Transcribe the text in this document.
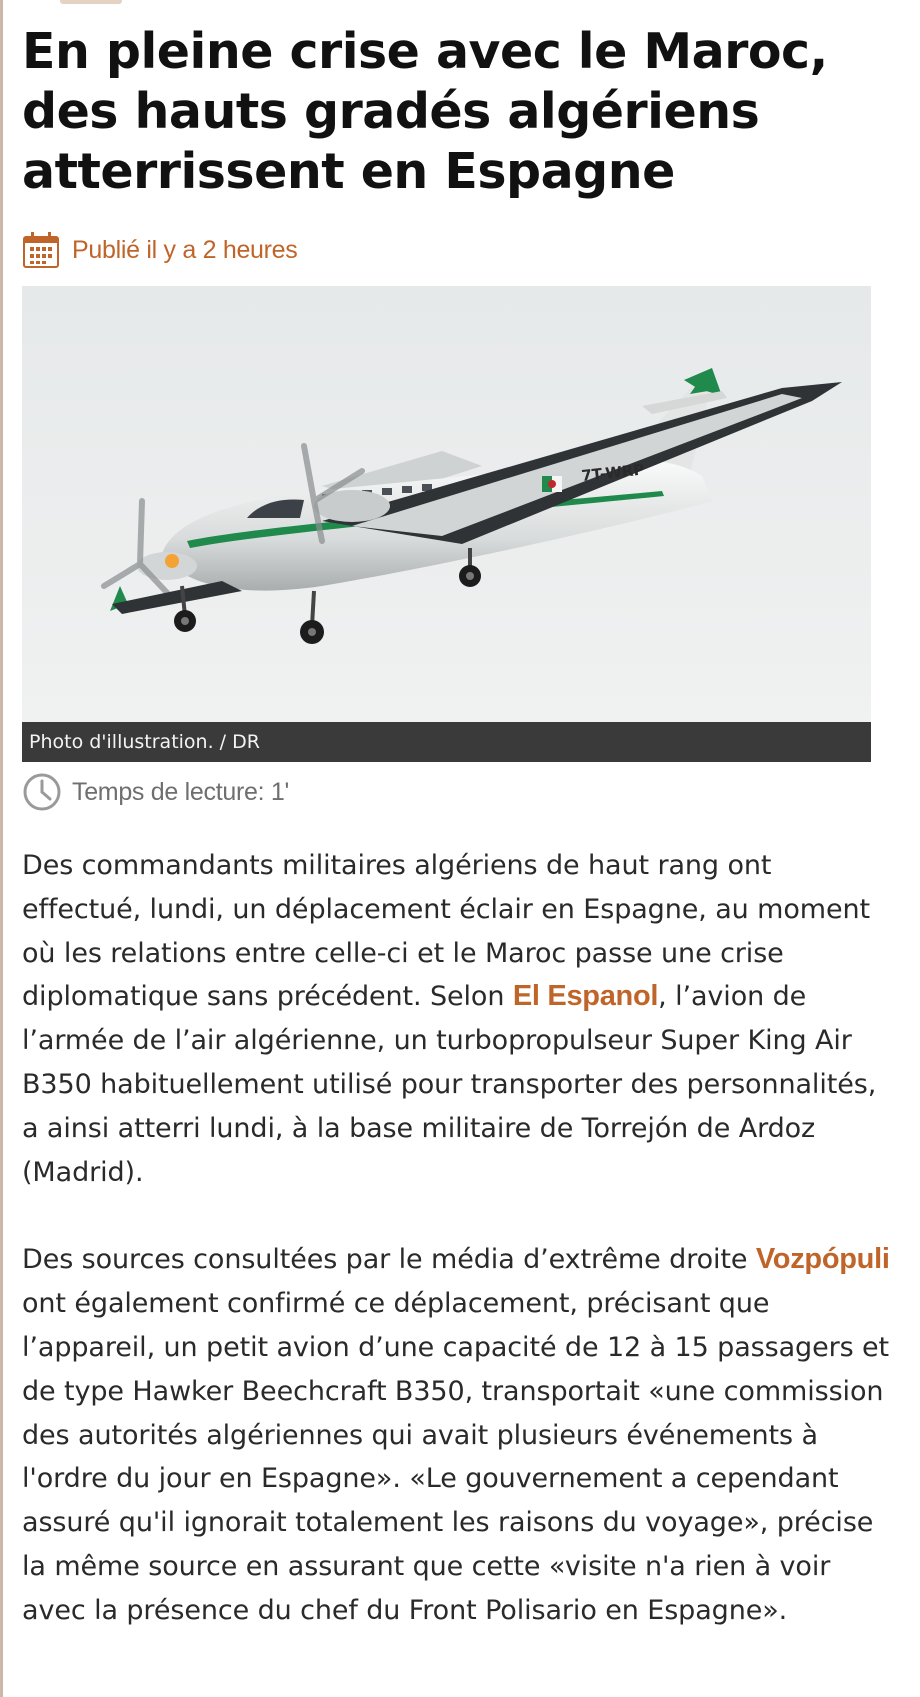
En pleine crise avec le Maroc, des hauts gradés algériens atterrissent en Espagne
Publié il y a 2 heures
7T-WRP
Photo d'illustration. / DR
Temps de lecture: 1'

Des commandants militaires algériens de haut rang ont effectué, lundi, un déplacement éclair en Espagne, au moment où les relations entre celle-ci et le Maroc passe une crise diplomatique sans précédent. Selon El Espanol, l’avion de l’armée de l’air algérienne, un turbopropulseur Super King Air B350 habituellement utilisé pour transporter des personnalités, a ainsi atterri lundi, à la base militaire de Torrejón de Ardoz (Madrid).

Des sources consultées par le média d’extrême droite Vozpópuli ont également confirmé ce déplacement, précisant que l’appareil, un petit avion d’une capacité de 12 à 15 passagers et de type Hawker Beechcraft B350, transportait «une commission des autorités algériennes qui avait plusieurs événements à l'ordre du jour en Espagne». «Le gouvernement a cependant assuré qu'il ignorait totalement les raisons du voyage», précise la même source en assurant que cette «visite n'a rien à voir avec la présence du chef du Front Polisario en Espagne».
